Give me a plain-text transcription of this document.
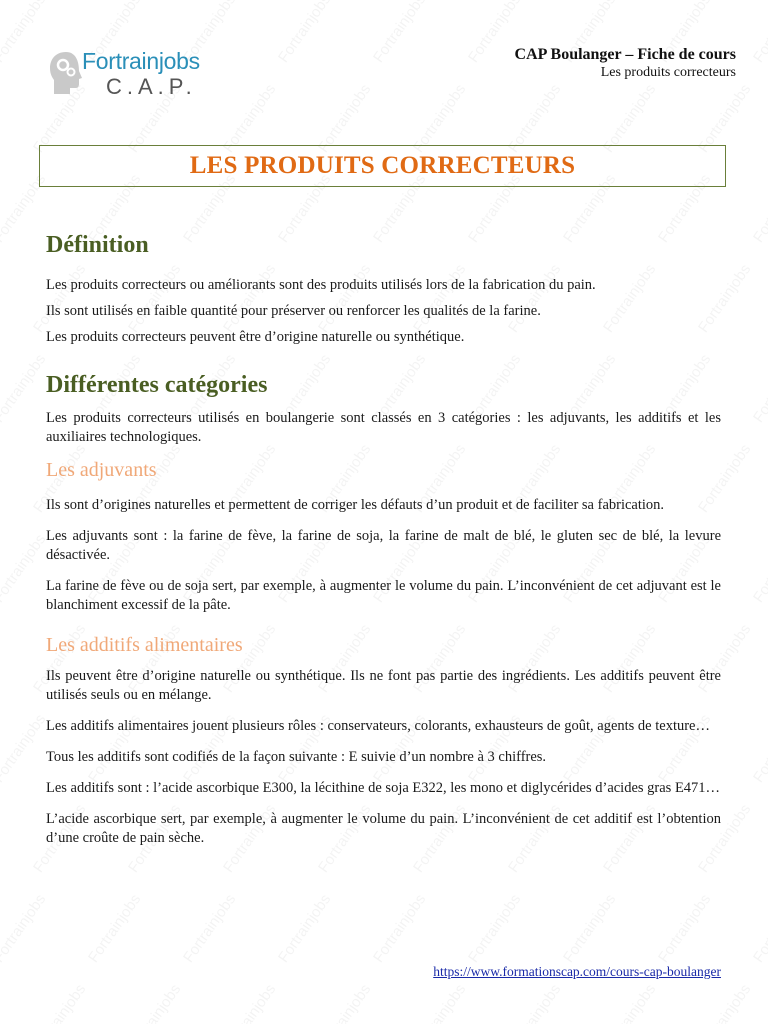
Fortrainjobs
C.A.P.
CAP Boulanger – Fiche de cours
Les produits correcteurs
LES PRODUITS CORRECTEURS
Définition

Les produits correcteurs ou améliorants sont des produits utilisés lors de la fabrication du pain.

Ils sont utilisés en faible quantité pour préserver ou renforcer les qualités de la farine.

Les produits correcteurs peuvent être d’origine naturelle ou synthétique.

Différentes catégories

Les produits correcteurs utilisés en boulangerie sont classés en 3 catégories : les adjuvants, les additifs et les auxiliaires technologiques.

Les adjuvants

Ils sont d’origines naturelles et permettent de corriger les défauts d’un produit et de faciliter sa fabrication.

Les adjuvants sont : la farine de fève, la farine de soja, la farine de malt de blé, le gluten sec de blé, la levure désactivée.

La farine de fève ou de soja sert, par exemple, à augmenter le volume du pain. L’inconvénient de cet adjuvant est le blanchiment excessif de la pâte.

Les additifs alimentaires

Ils peuvent être d’origine naturelle ou synthétique. Ils ne font pas partie des ingrédients. Les additifs peuvent être utilisés seuls ou en mélange.

Les additifs alimentaires jouent plusieurs rôles : conservateurs, colorants, exhausteurs de goût, agents de texture…

Tous les additifs sont codifiés de la façon suivante : E suivie d’un nombre à 3 chiffres.

Les additifs sont : l’acide ascorbique E300, la lécithine de soja E322, les mono et diglycérides d’acides gras E471…

L’acide ascorbique sert, par exemple, à augmenter le volume du pain. L’inconvénient de cet additif est l’obtention d’une croûte de pain sèche.

https://www.formationscap.com/cours-cap-boulanger
